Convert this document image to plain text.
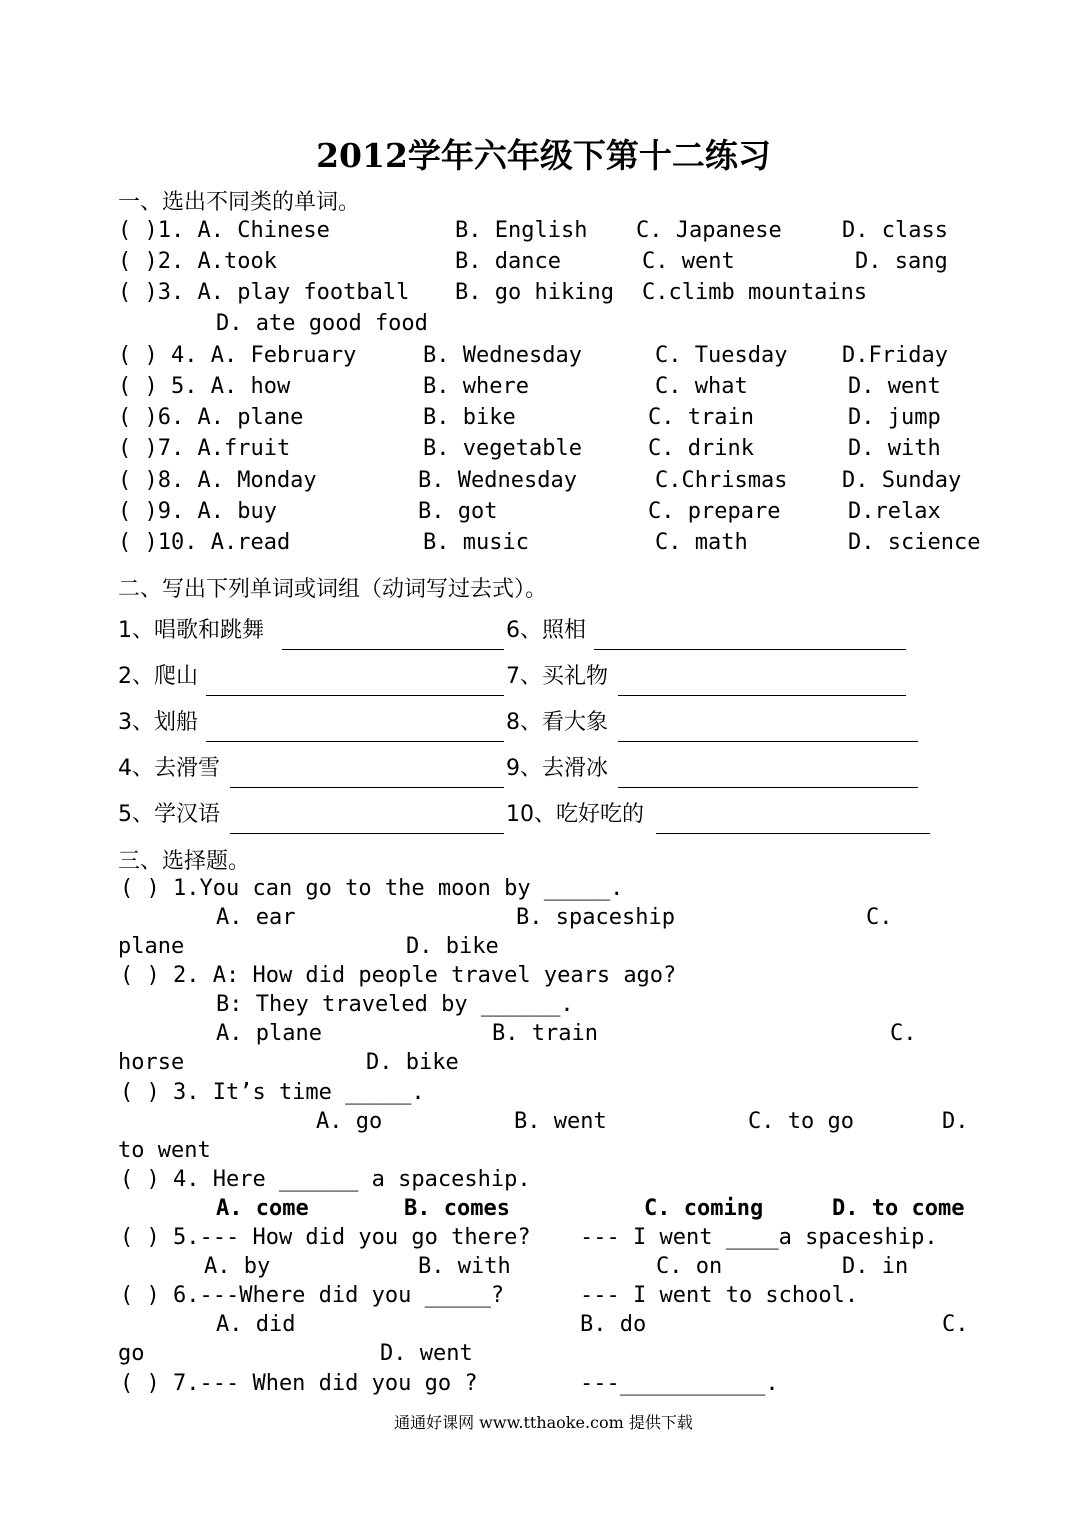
2012学年六年级下第十二练习
一、选出不同类的单词。
( )1. A. Chinese	B. English C. Japanese	D. class
( )2. A.took	B. dance	C. went	D. sang
( )3. A. play football B. go hiking C.climb mountains
D. ate good food
( ) 4. A. February	B. Wednesday	C. Tuesday D.Friday
( ) 5. A. how	B. where	C. what	D. went
( )6. A. plane	B. bike	C. train	D. jump
( )7. A.fruit	B. vegetable	C. drink	D. with
( )8. A. Monday	B. Wednesday	C.Chrismas D. Sunday
( )9. A. buy	B. got	C. prepare	D.relax
( )10. A.read	B. music	C. math	D. science
二、写出下列单词或词组（动词写过去式）。
1、唱歌和跳舞	6、照相
2、爬山	7、买礼物
3、划船	8、看大象
4、去滑雪	9、去滑冰
5、学汉语	10、吃好吃的
三、选择题。
( ) 1.You can go to the moon by _____.
A. ear	B. spaceship	C.
plane	D. bike
( ) 2. A: How did people travel years ago?
B: They traveled by ______.
A. plane	B. train	C.
horse	D. bike
( ) 3. It’s time _____.
A. go	B. went	C. to go	D.
to went
( ) 4. Here ______ a spaceship.
A. come	B. comes	C. coming	D. to come
( ) 5.--- How did you go there? --- I went ____a spaceship.
A. by	B. with	C. on	D. in
( ) 6.---Where did you _____?	--- I went to school.
A. did	B. do	C.
go	D. went
( ) 7.--- When did you go ?	---___________.
通通好课网 www.tthaoke.com 提供下载
